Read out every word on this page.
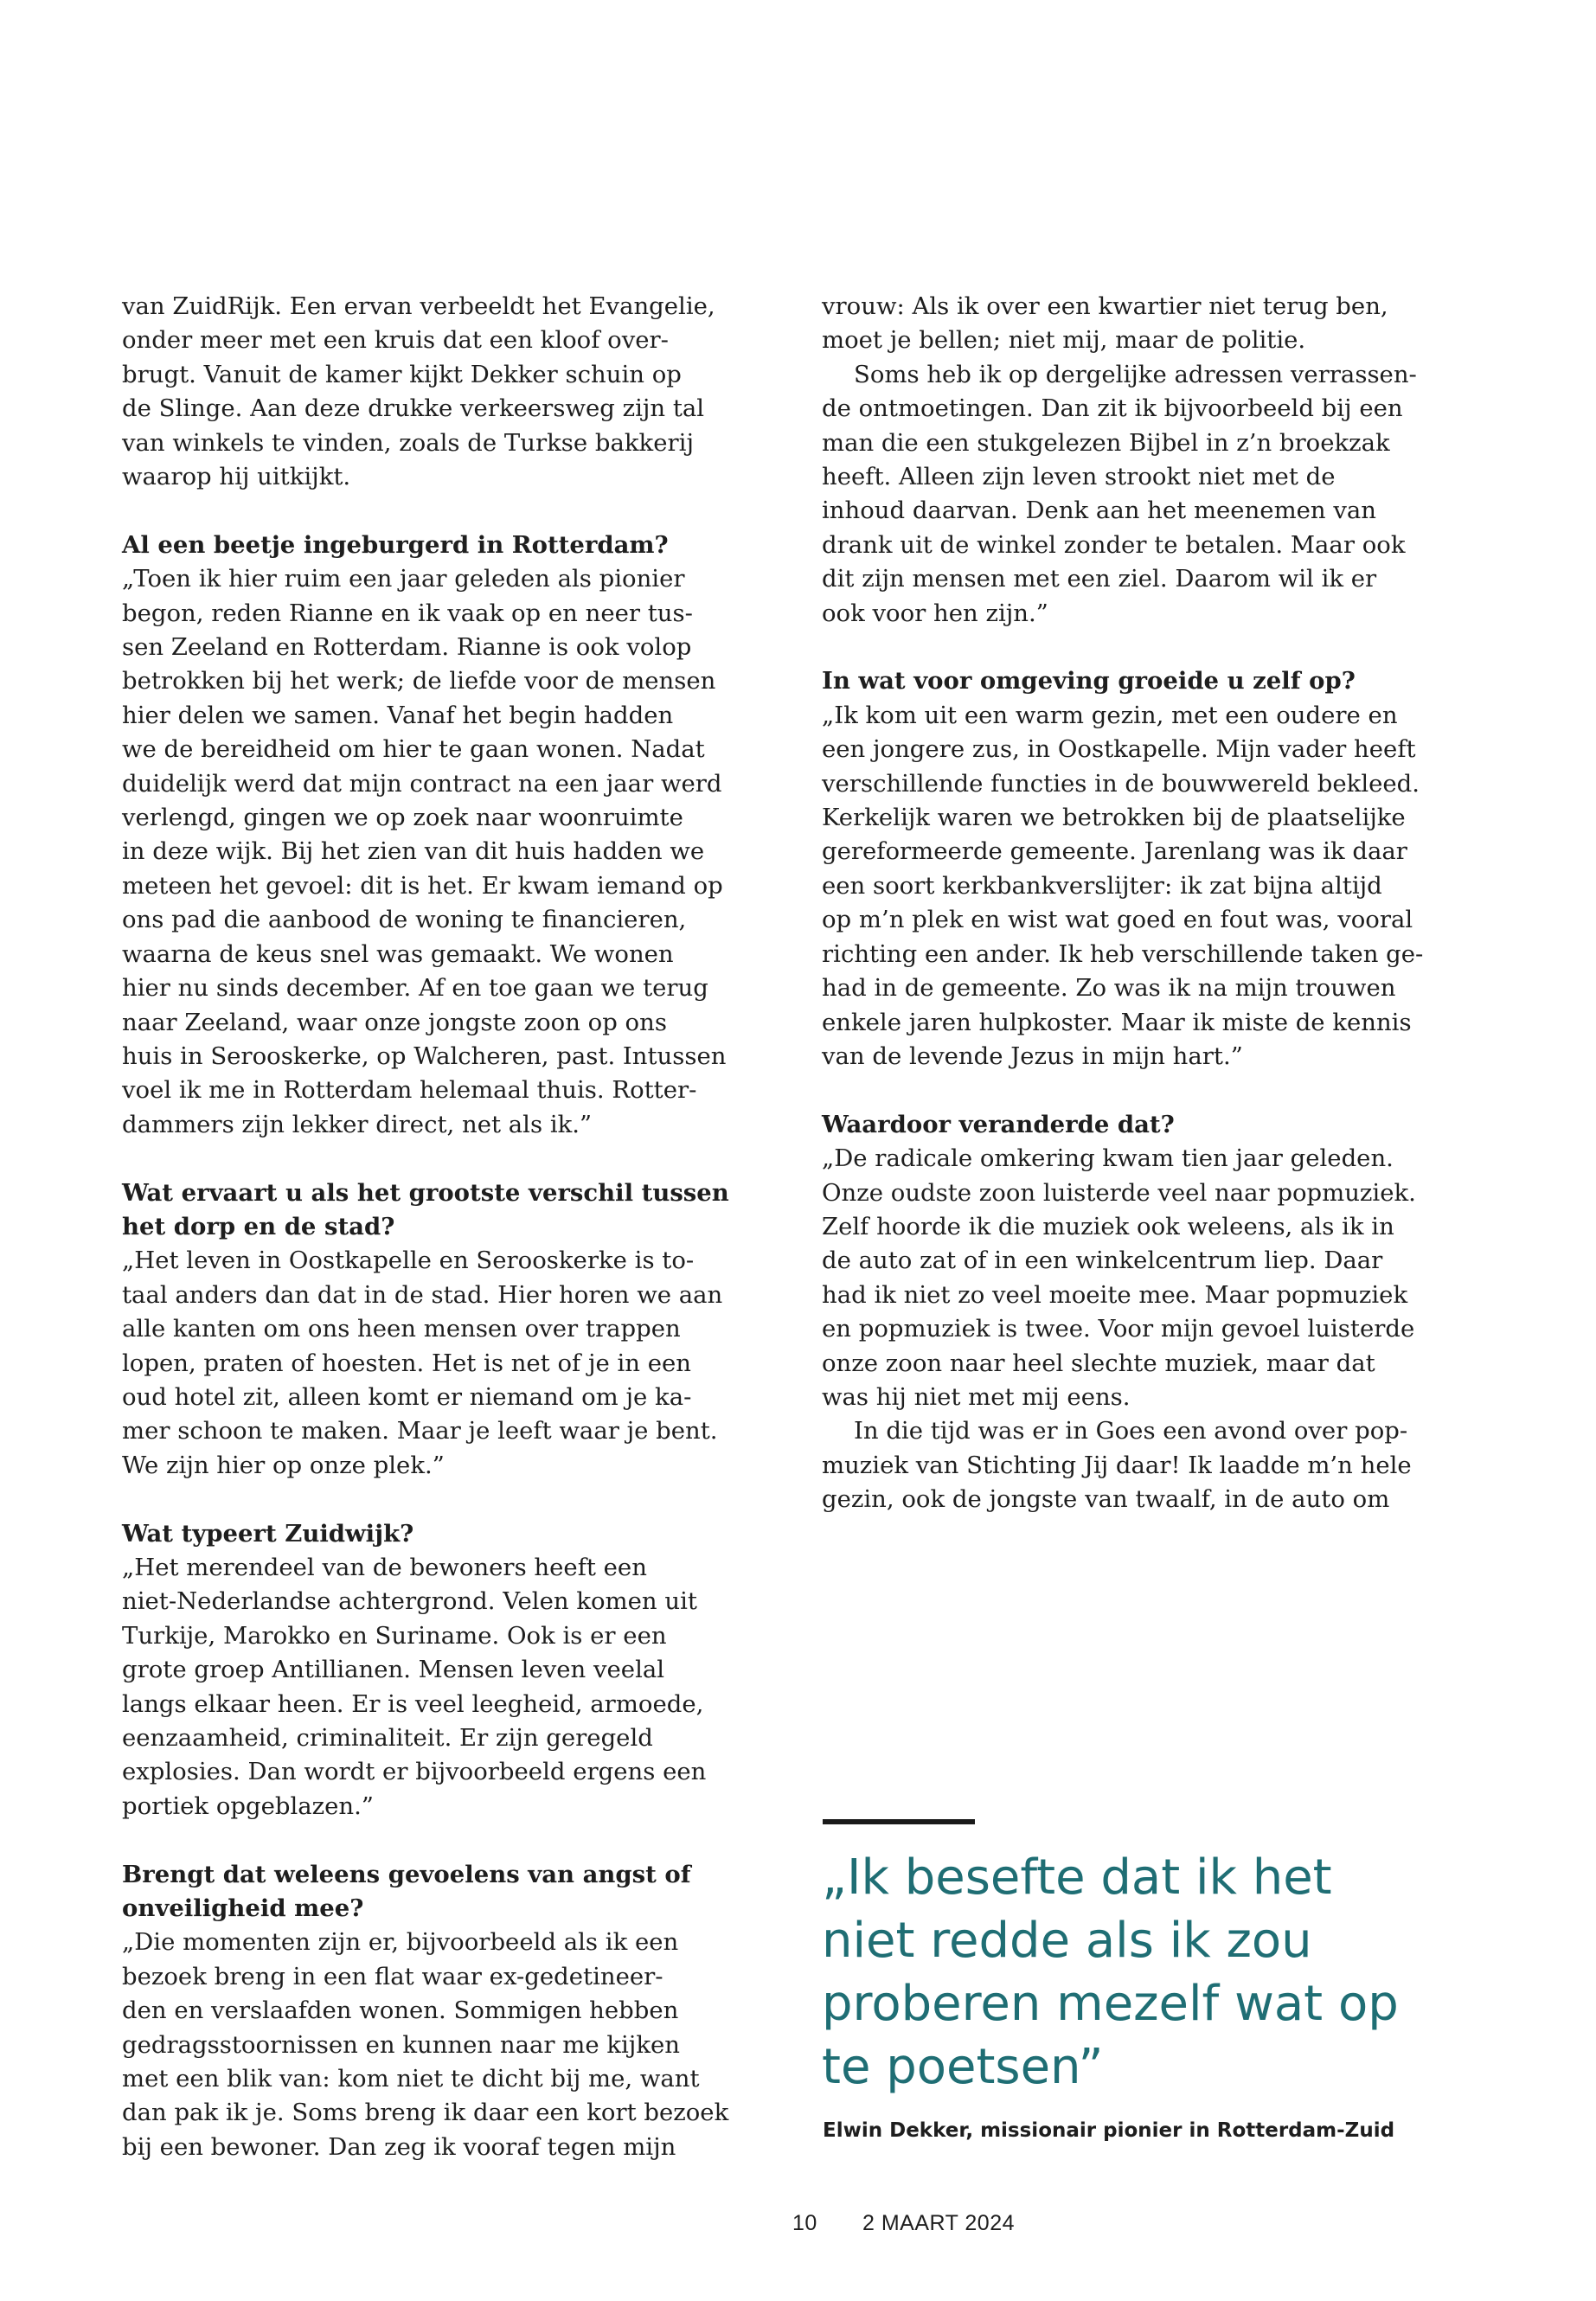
van ZuidRijk. Een ervan verbeeldt het Evangelie,
onder meer met een kruis dat een kloof over-
brugt. Vanuit de kamer kijkt Dekker schuin op
de Slinge. Aan deze drukke verkeersweg zijn tal
van winkels te vinden, zoals de Turkse bakkerij
waarop hij uitkijkt.
Al een beetje ingeburgerd in Rotterdam?
„Toen ik hier ruim een jaar geleden als pionier
begon, reden Rianne en ik vaak op en neer tus-
sen Zeeland en Rotterdam. Rianne is ook volop
betrokken bij het werk; de liefde voor de mensen
hier delen we samen. Vanaf het begin hadden
we de bereidheid om hier te gaan wonen. Nadat
duidelijk werd dat mijn contract na een jaar werd
verlengd, gingen we op zoek naar woonruimte
in deze wijk. Bij het zien van dit huis hadden we
meteen het gevoel: dit is het. Er kwam iemand op
ons pad die aanbood de woning te financieren,
waarna de keus snel was gemaakt. We wonen
hier nu sinds december. Af en toe gaan we terug
naar Zeeland, waar onze jongste zoon op ons
huis in Serooskerke, op Walcheren, past. Intussen
voel ik me in Rotterdam helemaal thuis. Rotter-
dammers zijn lekker direct, net als ik.”
Wat ervaart u als het grootste verschil tussen
het dorp en de stad?
„Het leven in Oostkapelle en Serooskerke is to-
taal anders dan dat in de stad. Hier horen we aan
alle kanten om ons heen mensen over trappen
lopen, praten of hoesten. Het is net of je in een
oud hotel zit, alleen komt er niemand om je ka-
mer schoon te maken. Maar je leeft waar je bent.
We zijn hier op onze plek.”
Wat typeert Zuidwijk?
„Het merendeel van de bewoners heeft een
niet-Nederlandse achtergrond. Velen komen uit
Turkije, Marokko en Suriname. Ook is er een
grote groep Antillianen. Mensen leven veelal
langs elkaar heen. Er is veel leegheid, armoede,
eenzaamheid, criminaliteit. Er zijn geregeld
explosies. Dan wordt er bijvoorbeeld ergens een
portiek opgeblazen.”
Brengt dat weleens gevoelens van angst of
onveiligheid mee?
„Die momenten zijn er, bijvoorbeeld als ik een
bezoek breng in een flat waar ex-gedetineer-
den en verslaafden wonen. Sommigen hebben
gedragsstoornissen en kunnen naar me kijken
met een blik van: kom niet te dicht bij me, want
dan pak ik je. Soms breng ik daar een kort bezoek
bij een bewoner. Dan zeg ik vooraf tegen mijn
vrouw: Als ik over een kwartier niet terug ben,
moet je bellen; niet mij, maar de politie.
Soms heb ik op dergelijke adressen verrassen-
de ontmoetingen. Dan zit ik bijvoorbeeld bij een
man die een stukgelezen Bijbel in z’n broekzak
heeft. Alleen zijn leven strookt niet met de
inhoud daarvan. Denk aan het meenemen van
drank uit de winkel zonder te betalen. Maar ook
dit zijn mensen met een ziel. Daarom wil ik er
ook voor hen zijn.”
In wat voor omgeving groeide u zelf op?
„Ik kom uit een warm gezin, met een oudere en
een jongere zus, in Oostkapelle. Mijn vader heeft
verschillende functies in de bouwwereld bekleed.
Kerkelijk waren we betrokken bij de plaatselijke
gereformeerde gemeente. Jarenlang was ik daar
een soort kerkbankverslijter: ik zat bijna altijd
op m’n plek en wist wat goed en fout was, vooral
richting een ander. Ik heb verschillende taken ge-
had in de gemeente. Zo was ik na mijn trouwen
enkele jaren hulpkoster. Maar ik miste de kennis
van de levende Jezus in mijn hart.”
Waardoor veranderde dat?
„De radicale omkering kwam tien jaar geleden.
Onze oudste zoon luisterde veel naar popmuziek.
Zelf hoorde ik die muziek ook weleens, als ik in
de auto zat of in een winkelcentrum liep. Daar
had ik niet zo veel moeite mee. Maar popmuziek
en popmuziek is twee. Voor mijn gevoel luisterde
onze zoon naar heel slechte muziek, maar dat
was hij niet met mij eens.
In die tijd was er in Goes een avond over pop-
muziek van Stichting Jij daar! Ik laadde m’n hele
gezin, ook de jongste van twaalf, in de auto om
„Ik besefte dat ik het
niet redde als ik zou
proberen mezelf wat op
te poetsen”
Elwin Dekker, missionair pionier in Rotterdam-Zuid
10 2 MAART 2024
